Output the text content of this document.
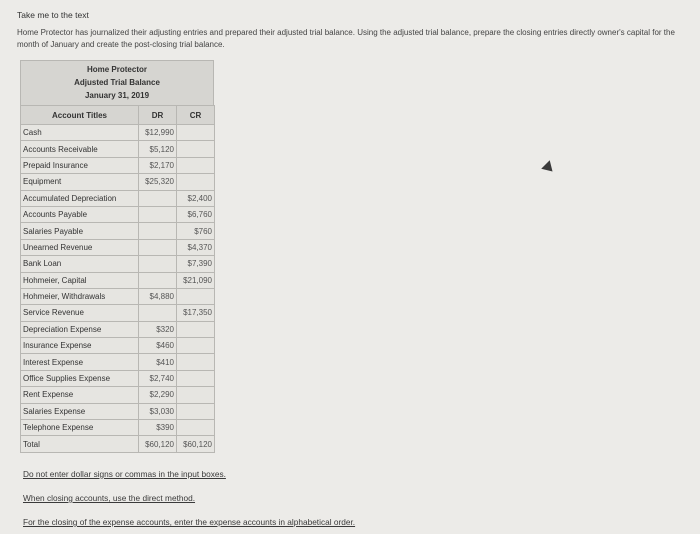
Take me to the text
Home Protector has journalized their adjusting entries and prepared their adjusted trial balance. Using the adjusted trial balance, prepare the closing entries directly owner's capital for the month of January and create the post-closing trial balance.
Home Protector
Adjusted Trial Balance
January 31, 2019
Account Titles	DR	CR
Cash	$12,990	
Accounts Receivable	$5,120	
Prepaid Insurance	$2,170	
Equipment	$25,320	
Accumulated Depreciation		$2,400
Accounts Payable		$6,760
Salaries Payable		$760
Unearned Revenue		$4,370
Bank Loan		$7,390
Hohmeier, Capital		$21,090
Hohmeier, Withdrawals	$4,880	
Service Revenue		$17,350
Depreciation Expense	$320	
Insurance Expense	$460	
Interest Expense	$410	
Office Supplies Expense	$2,740	
Rent Expense	$2,290	
Salaries Expense	$3,030	
Telephone Expense	$390	
Total	$60,120	$60,120
Do not enter dollar signs or commas in the input boxes.
When closing accounts, use the direct method.
For the closing of the expense accounts, enter the expense accounts in alphabetical order.
